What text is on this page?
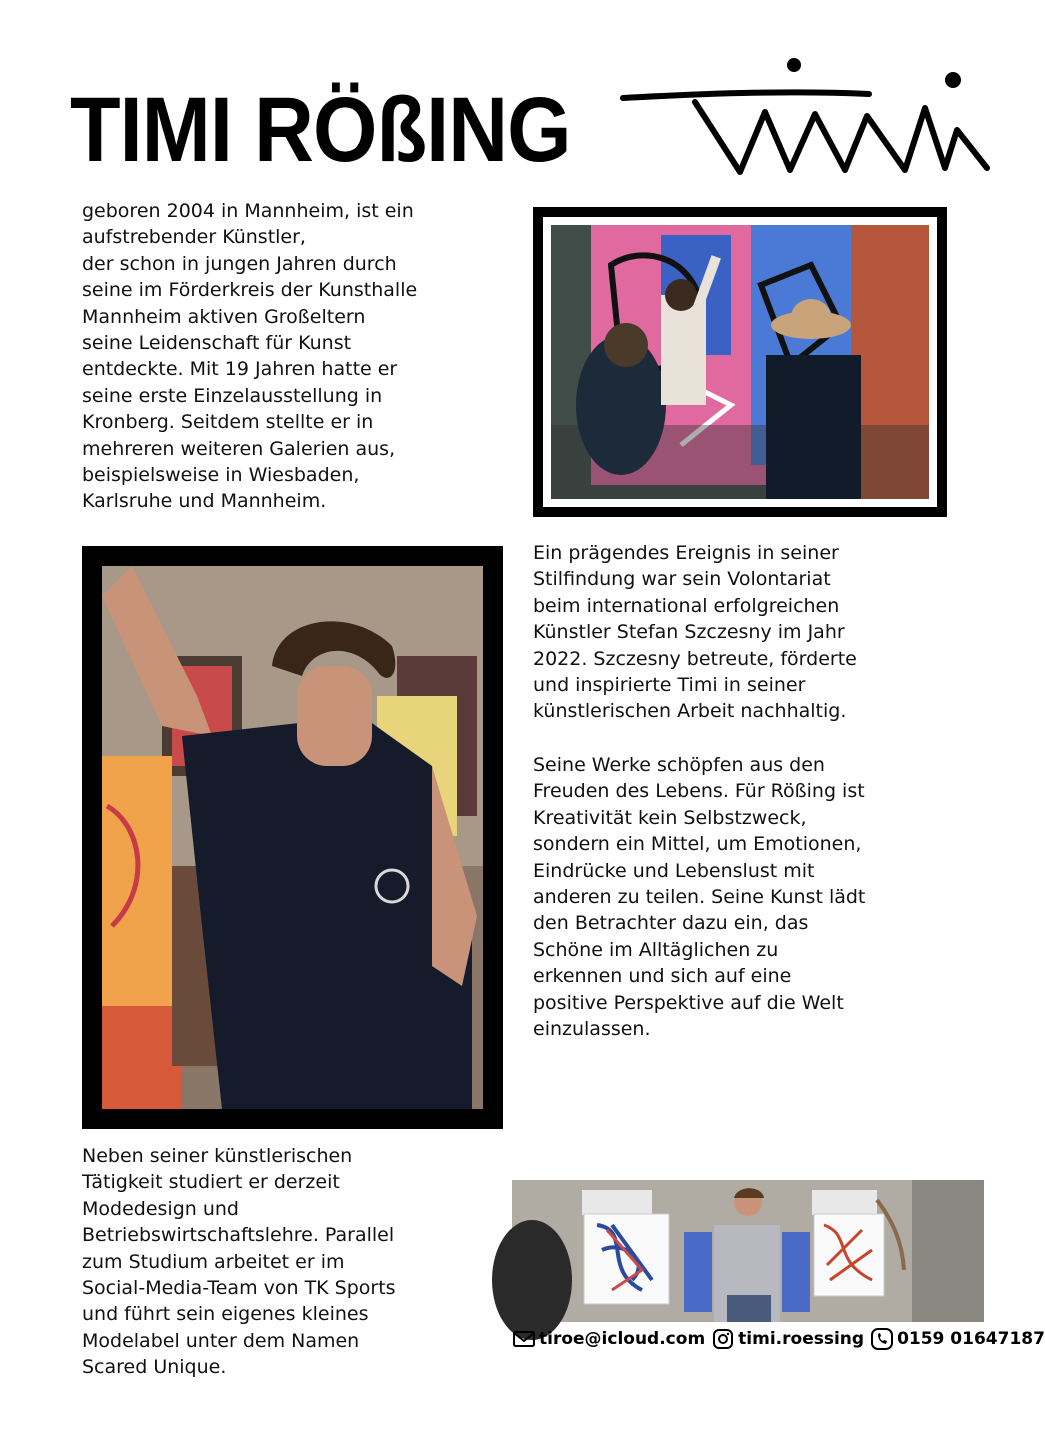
TIMI RÖßING

geboren 2004 in Mannheim, ist ein
aufstrebender Künstler,
der schon in jungen Jahren durch
seine im Förderkreis der Kunsthalle
Mannheim aktiven Großeltern
seine Leidenschaft für Kunst
entdeckte. Mit 19 Jahren hatte er
seine erste Einzelausstellung in
Kronberg. Seitdem stellte er in
mehreren weiteren Galerien aus,
beispielsweise in Wiesbaden,
Karlsruhe und Mannheim.

Ein prägendes Ereignis in seiner
Stilfindung war sein Volontariat
beim international erfolgreichen
Künstler Stefan Szczesny im Jahr
2022. Szczesny betreute, förderte
und inspirierte Timi in seiner
künstlerischen Arbeit nachhaltig.

Seine Werke schöpfen aus den
Freuden des Lebens. Für Rößing ist
Kreativität kein Selbstzweck,
sondern ein Mittel, um Emotionen,
Eindrücke und Lebenslust mit
anderen zu teilen. Seine Kunst lädt
den Betrachter dazu ein, das
Schöne im Alltäglichen zu
erkennen und sich auf eine
positive Perspektive auf die Welt
einzulassen.

Neben seiner künstlerischen
Tätigkeit studiert er derzeit
Modedesign und
Betriebswirtschaftslehre. Parallel
zum Studium arbeitet er im
Social-Media-Team von TK Sports
und führt sein eigenes kleines
Modelabel unter dem Namen
Scared Unique.

tiroe@icloud.com timi.roessing 0159 01647187
